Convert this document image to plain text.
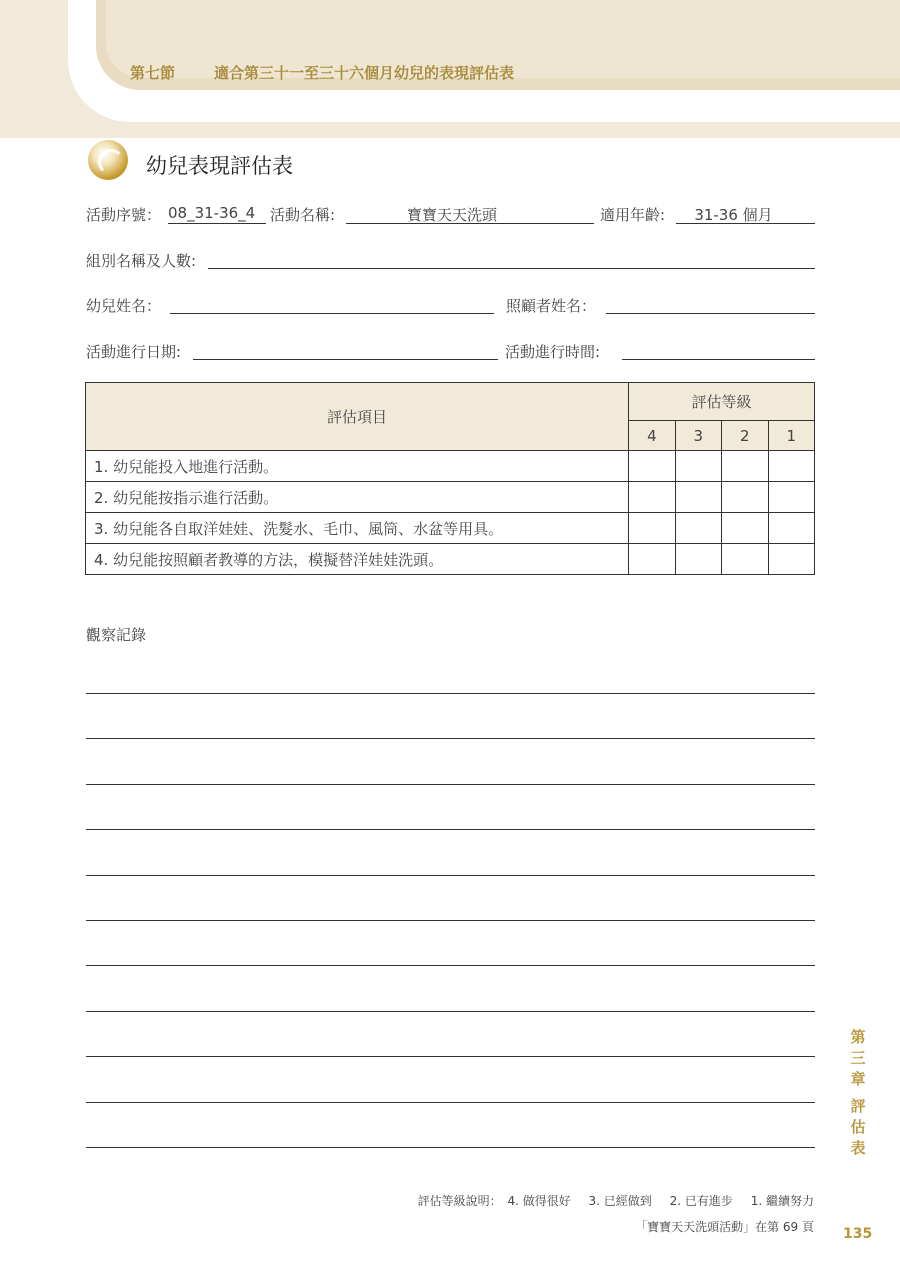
第七節	適合第三十一至三十六個月幼兒的表現評估表
幼兒表現評估表
活動序號： 08_31-36_4 活動名稱:	寶寶天天洗頭	適用年齡:	31-36 個月
組別名稱及人數:
幼兒姓名：	照顧者姓名：
活動進行日期:	活動進行時間:
評估項目	評估等級			
	4	3	2	1
1. 幼兒能投入地進行活動。				
2. 幼兒能按指示進行活動。				
3. 幼兒能各自取洋娃娃、洗髮水、毛巾、風筒、水盆等用具。				
4. 幼兒能按照顧者教導的方法，模擬替洋娃娃洗頭。				
觀察記錄
第
三
章
評
估
表
評估等級說明： 4. 做得很好 3. 已經做到 2. 已有進步 1. 繼續努力
「寶寶天天洗頭活動」在第 69 頁 135
